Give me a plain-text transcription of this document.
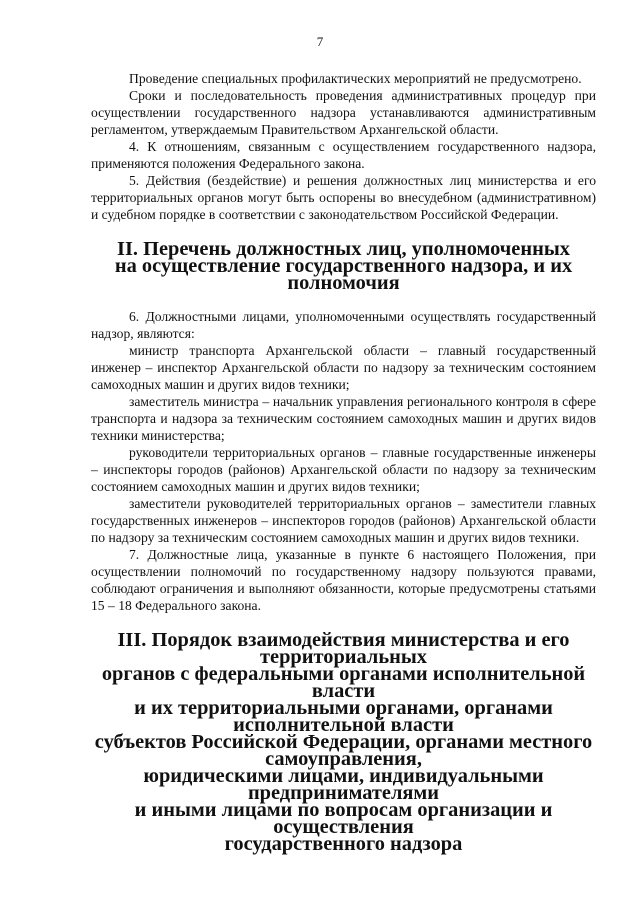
7

Проведение специальных профилактических мероприятий не предусмотрено.

Сроки и последовательность проведения административных процедур при осуществлении государственного надзора устанавливаются административным регламентом, утверждаемым Правительством Архангельской области.

4. К отношениям, связанным с осуществлением государственного надзора, применяются положения Федерального закона.

5. Действия (бездействие) и решения должностных лиц министерства и его территориальных органов могут быть оспорены во внесудебном (административном) и судебном порядке в соответствии с законодательством Российской Федерации.

II. Перечень должностных лиц, уполномоченных
на осуществление государственного надзора, и их полномочия

6. Должностными лицами, уполномоченными осуществлять государственный надзор, являются:

министр транспорта Архангельской области – главный государственный инженер – инспектор Архангельской области по надзору за техническим состоянием самоходных машин и других видов техники;

заместитель министра – начальник управления регионального контроля в сфере транспорта и надзора за техническим состоянием самоходных машин и других видов техники министерства;

руководители территориальных органов – главные государственные инженеры – инспекторы городов (районов) Архангельской области по надзору за техническим состоянием самоходных машин и других видов техники;

заместители руководителей территориальных органов – заместители главных государственных инженеров – инспекторов городов (районов) Архангельской области по надзору за техническим состоянием самоходных машин и других видов техники.

7. Должностные лица, указанные в пункте 6 настоящего Положения, при осуществлении полномочий по государственному надзору пользуются правами, соблюдают ограничения и выполняют обязанности, которые предусмотрены статьями 15 – 18 Федерального закона.

III. Порядок взаимодействия министерства и его территориальных
органов с федеральными органами исполнительной власти
и их территориальными органами, органами исполнительной власти
субъектов Российской Федерации, органами местного самоуправления,
юридическими лицами, индивидуальными предпринимателями
и иными лицами по вопросам организации и осуществления
государственного надзора
